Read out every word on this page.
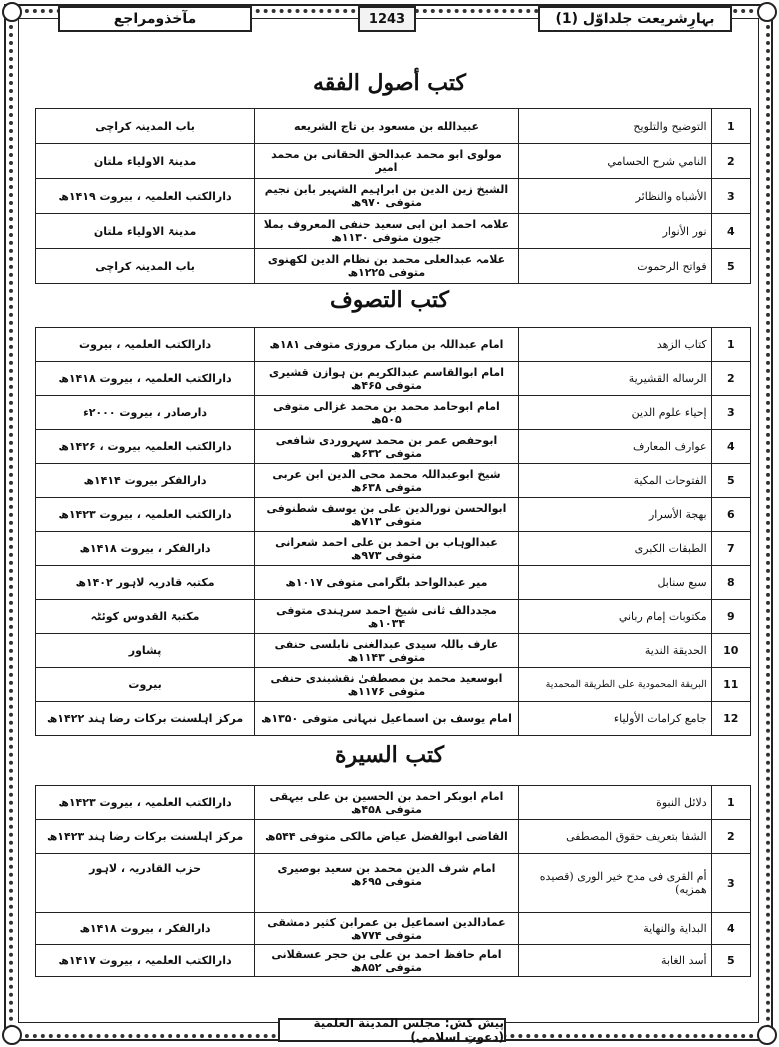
بہارِشریعت جلداوّل (1)
1243
مآخذومراجع
كتب أصول الفقه
1	التوضيح والتلويح	عبيدالله بن مسعود بن تاج الشريعه	باب المدينہ کراچی
2	النامي شرح الحسامي	مولوى ابو محمد عبدالحق الحقانى بن محمد امیر	مدینۃ الاولیاء ملتان
3	الأشباه والنظائر	الشیخ زین الدین بن ابراہیم الشہیر بابن نجیم متوفی ۹۷۰ھ	دارالکتب العلمیہ ، بیروت ۱۴۱۹ھ
4	نور الأنوار	علامہ احمد ابن ابی سعید حنفی المعروف بملا جیون متوفی ۱۱۳۰ھ	مدینۃ الاولیاء ملتان
5	فواتح الرحموت	علامہ عبدالعلی محمد بن نظام الدین لکھنوی متوفی ۱۲۲۵ھ	باب المدینہ کراچی
كتب التصوف
1	كتاب الزهد	امام عبداللہ بن مبارک مروزی متوفی ۱۸۱ھ	دارالکتب العلمیہ ، بیروت
2	الرساله القشيرية	امام ابوالقاسم عبدالکریم بن ہوازن قشیری متوفی ۴۶۵ھ	دارالکتب العلمیہ ، بیروت ۱۴۱۸ھ
3	إحياء علوم الدين	امام ابوحامد محمد بن محمد غزالی متوفی ۵۰۵ھ	دارصادر ، بیروت ۲۰۰۰ء
4	عوارف المعارف	ابوحفص عمر بن محمد سہروردی شافعی متوفی ۶۳۲ھ	دارالکتب العلمیہ بیروت ، ۱۴۲۶ھ
5	الفتوحات المكية	شیخ ابوعبداللہ محمد محی الدین ابن عربی متوفی ۶۳۸ھ	دارالفکر بیروت ۱۴۱۴ھ
6	بهجة الأسرار	ابوالحسن نورالدین علی بن یوسف شطنوفی متوفی ۷۱۳ھ	دارالکتب العلمیہ ، بیروت ۱۴۲۳ھ
7	الطبقات الكبرى	عبدالوہاب بن احمد بن علی احمد شعرانی متوفی ۹۷۳ھ	دارالفکر ، بیروت ۱۴۱۸ھ
8	سبع سنابل	میر عبدالواحد بلگرامی متوفی ۱۰۱۷ھ	مکتبہ قادریہ لاہور ۱۴۰۲ھ
9	مكتوبات إمام رباني	مجددالف ثانی شیخ احمد سرہندی متوفی ۱۰۳۴ھ	مکتبۃ القدوس کوئٹہ
10	الحديقة الندية	عارف باللہ سیدی عبدالغنی نابلسی حنفی متوفی ۱۱۴۳ھ	پشاور
11	البريقة المحمودية على الطريقة المحمدية	ابوسعید محمد بن مصطفیٰ نقشبندی حنفی متوفی ۱۱۷۶ھ	بیروت
12	جامع كرامات الأولياء	امام یوسف بن اسماعیل نبہانی متوفی ۱۳۵۰ھ	مرکز اہلسنت برکات رضا ہند ۱۴۲۲ھ
كتب السيرة
1	دلائل النبوة	امام ابوبکر احمد بن الحسین بن علی بیہقی متوفی ۴۵۸ھ	دارالکتب العلمیہ ، بیروت ۱۴۲۳ھ
2	الشفا بتعريف حقوق المصطفى	القاضی ابوالفضل عیاض مالکی متوفی ۵۴۴ھ	مرکز اہلسنت برکات رضا ہند ۱۴۲۳ھ
3	أم القرى فى مدح خير الورى (قصيده همزيه)	امام شرف الدین محمد بن سعید بوصیری متوفی ۶۹۵ھ	حزب القادریہ ، لاہور
4	البداية والنهاية	عمادالدین اسماعیل بن عمرابن کثیر دمشقی متوفی ۷۷۴ھ	دارالفکر ، بیروت ۱۴۱۸ھ
5	أسد الغابة	امام حافظ احمد بن علی بن حجر عسقلانی متوفی ۸۵۲ھ	دارالکتب العلمیہ ، بیروت ۱۴۱۷ھ
پیش کش: مجلس المدینة العلمیة (دعوتِ اسلامی)
